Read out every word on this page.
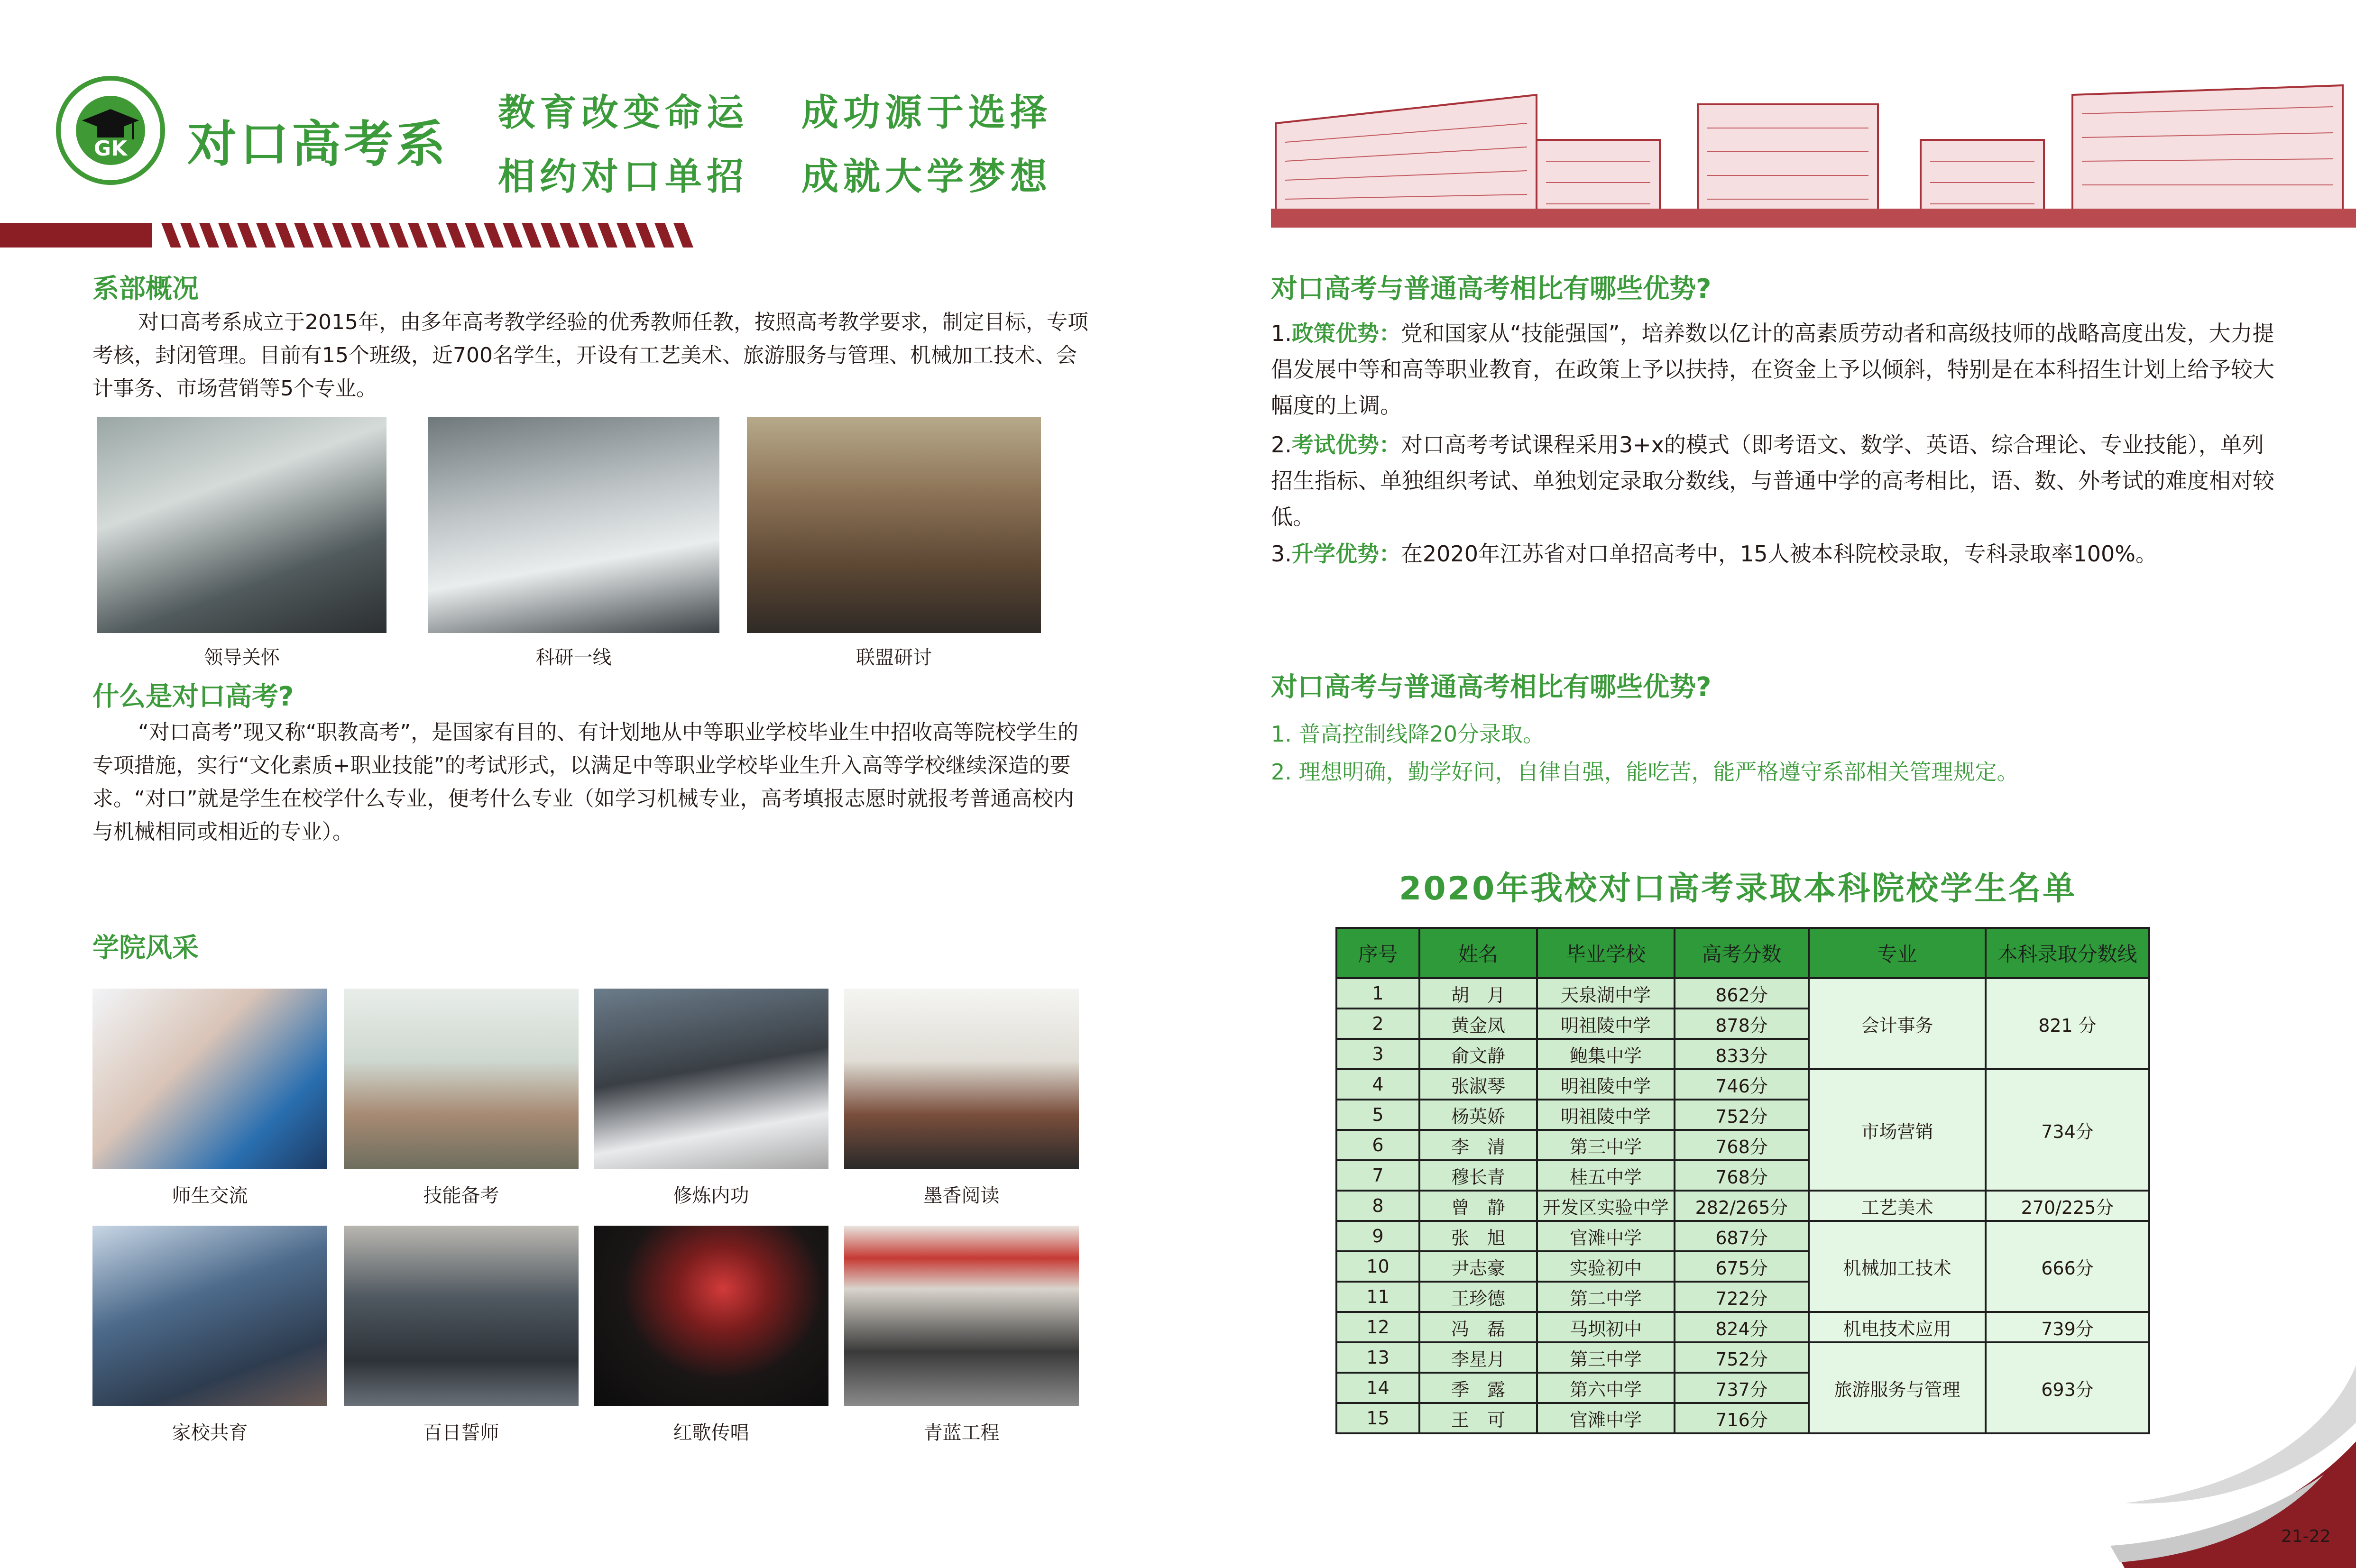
GK	对口高考系
教育改变命运 成功源于选择
相约对口单招 成就大学梦想
系部概况

对口高考系成立于2015年，由多年高考教学经验的优秀教师任教，按照高考教学要求，制定目标，专项考核，封闭管理。目前有15个班级，近700名学生，开设有工艺美术、旅游服务与管理、机械加工技术、会计事务、市场营销等5个专业。

领导关怀	科研一线	联盟研讨
什么是对口高考?

“对口高考”现又称“职教高考”，是国家有目的、有计划地从中等职业学校毕业生中招收高等院校学生的专项措施，实行“文化素质+职业技能”的考试形式，以满足中等职业学校毕业生升入高等学校继续深造的要求。“对口”就是学生在校学什么专业，便考什么专业（如学习机械专业，高考填报志愿时就报考普通高校内与机械相同或相近的专业）。

学院风采
师生交流	技能备考	修炼内功	墨香阅读
家校共育	百日誓师	红歌传唱	青蓝工程
对口高考与普通高考相比有哪些优势?
1.政策优势：党和国家从“技能强国”，培养数以亿计的高素质劳动者和高级技师的战略高度出发，大力提倡发展中等和高等职业教育，在政策上予以扶持，在资金上予以倾斜，特别是在本科招生计划上给予较大幅度的上调。
2.考试优势：对口高考考试课程采用3+x的模式（即考语文、数学、英语、综合理论、专业技能），单列招生指标、单独组织考试、单独划定录取分数线，与普通中学的高考相比，语、数、外考试的难度相对较低。
3.升学优势：在2020年江苏省对口单招高考中，15人被本科院校录取，专科录取率100%。
对口高考与普通高考相比有哪些优势?
1. 普高控制线降20分录取。
2. 理想明确，勤学好问，自律自强，能吃苦，能严格遵守系部相关管理规定。
2020年我校对口高考录取本科院校学生名单
序号	姓名	毕业学校	高考分数	专业	本科录取分数线
1	胡　月	天泉湖中学	862分	会计事务	821 分
2	黄金凤	明祖陵中学	878分		
3	俞文静	鲍集中学	833分		
4	张淑琴	明祖陵中学	746分	市场营销	734分
5	杨英娇	明祖陵中学	752分		
6	李　清	第三中学	768分		
7	穆长青	桂五中学	768分		
8	曾　静	开发区实验中学	282/265分	工艺美术	270/225分
9	张　旭	官滩中学	687分	机械加工技术	666分
10	尹志豪	实验初中	675分		
11	王珍德	第二中学	722分		
12	冯　磊	马坝初中	824分	机电技术应用	739分
13	李星月	第三中学	752分	旅游服务与管理	693分
14	季　露	第六中学	737分		
15	王　可	官滩中学	716分		
21-22
